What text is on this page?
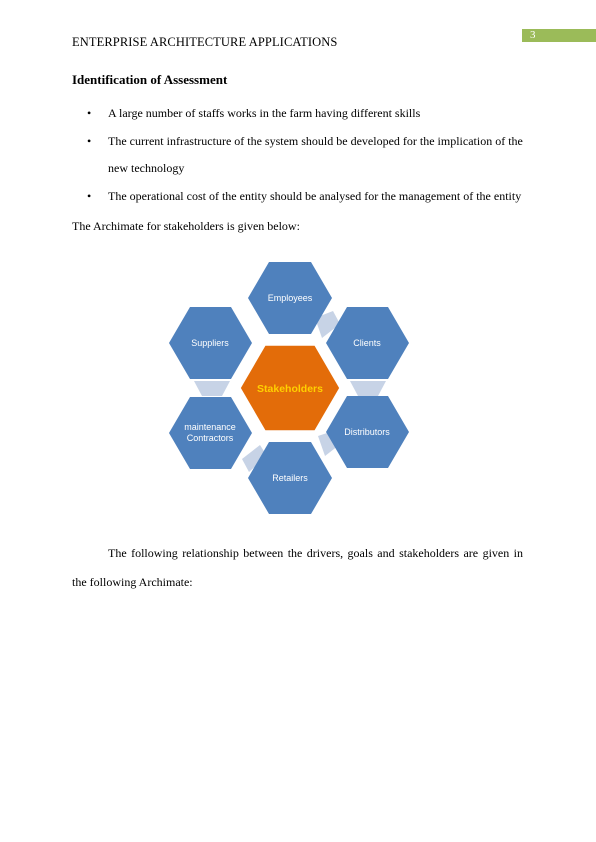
3
ENTERPRISE ARCHITECTURE APPLICATIONS
Identification of Assessment
• A large number of staffs works in the farm having different skills
• The current infrastructure of the system should be developed for the implication of the new technology
• The operational cost of the entity should be analysed for the management of the entity
The Archimate for stakeholders is given below:
Employees
Clients
Distributors
Retailers
maintenance
Contractors
Suppliers
Stakeholders

The following relationship between the drivers, goals and stakeholders are given in the following Archimate:
